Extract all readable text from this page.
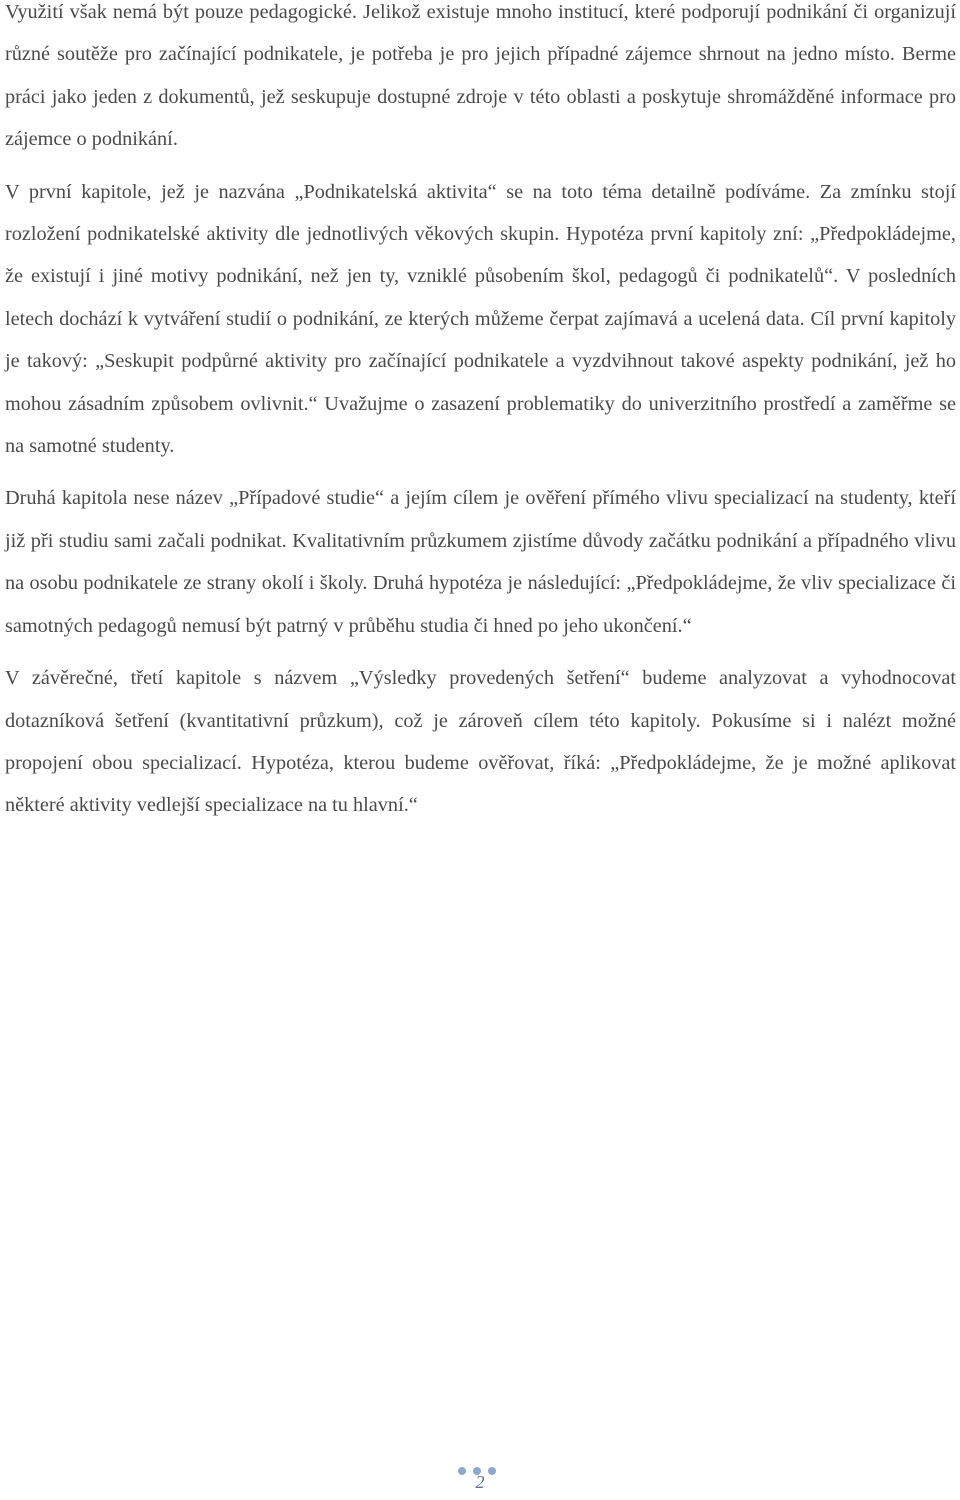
Využití však nemá být pouze pedagogické. Jelikož existuje mnoho institucí, které podporují podnikání či organizují různé soutěže pro začínající podnikatele, je potřeba je pro jejich případné zájemce shrnout na jedno místo. Berme práci jako jeden z dokumentů, jež seskupuje dostupné zdroje v této oblasti a poskytuje shromážděné informace pro zájemce o podnikání.

V první kapitole, jež je nazvána „Podnikatelská aktivita“ se na toto téma detailně podíváme. Za zmínku stojí rozložení podnikatelské aktivity dle jednotlivých věkových skupin. Hypotéza první kapitoly zní: „Předpokládejme, že existují i jiné motivy podnikání, než jen ty, vzniklé působením škol, pedagogů či podnikatelů“. V posledních letech dochází k vytváření studií o podnikání, ze kterých můžeme čerpat zajímavá a ucelená data. Cíl první kapitoly je takový: „Seskupit podpůrné aktivity pro začínající podnikatele a vyzdvihnout takové aspekty podnikání, jež ho mohou zásadním způsobem ovlivnit.“ Uvažujme o zasazení problematiky do univerzitního prostředí a zaměřme se na samotné studenty.

Druhá kapitola nese název „Případové studie“ a jejím cílem je ověření přímého vlivu specializací na studenty, kteří již při studiu sami začali podnikat. Kvalitativním průzkumem zjistíme důvody začátku podnikání a případného vlivu na osobu podnikatele ze strany okolí i školy. Druhá hypotéza je následující: „Předpokládejme, že vliv specializace či samotných pedagogů nemusí být patrný v průběhu studia či hned po jeho ukončení.“

V závěrečné, třetí kapitole s názvem „Výsledky provedených šetření“ budeme analyzovat a vyhodnocovat dotazníková šetření (kvantitativní průzkum), což je zároveň cílem této kapitoly. Pokusíme si i nalézt možné propojení obou specializací. Hypotéza, kterou budeme ověřovat, říká: „Předpokládejme, že je možné aplikovat některé aktivity vedlejší specializace na tu hlavní.“

2
